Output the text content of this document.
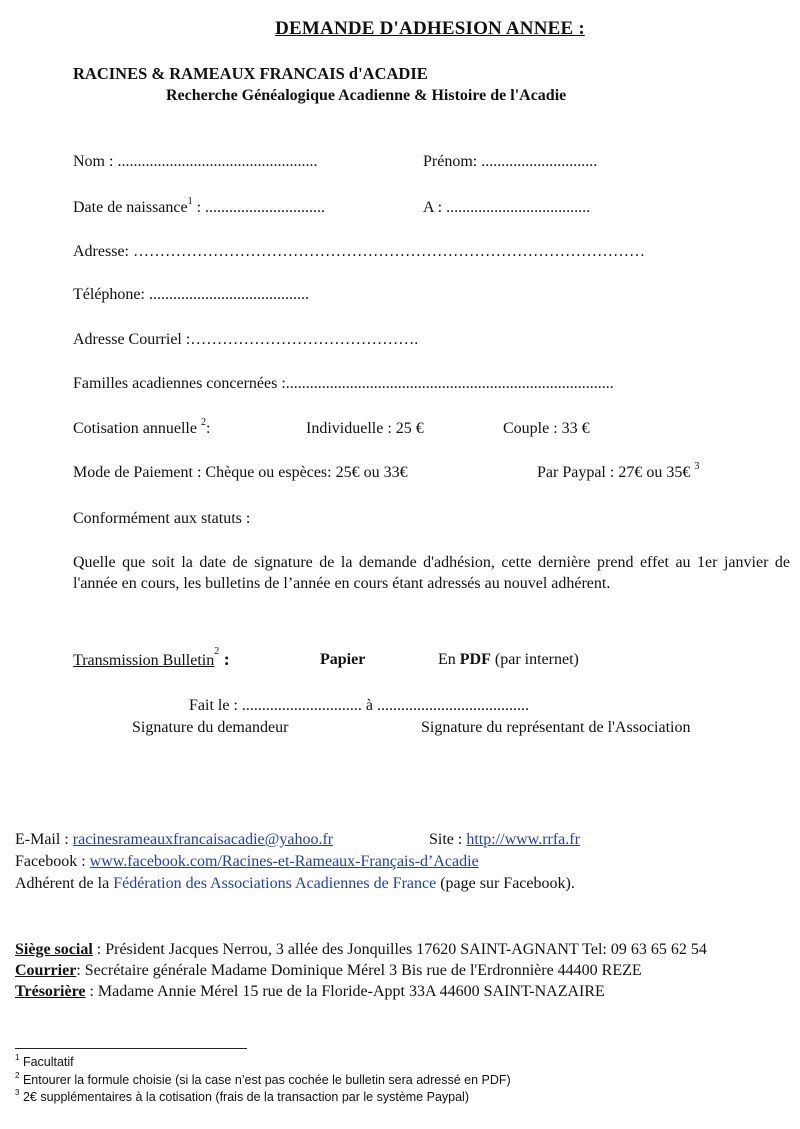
DEMANDE D'ADHESION ANNEE :
RACINES & RAMEAUX FRANCAIS d'ACADIE
Recherche Généalogique Acadienne & Histoire de l'Acadie
Nom : ..................................................	Prénom: .............................
Date de naissance$^1$ : ..............................	A : ....................................
Adresse: ……………………………………………………………………………………
Téléphone: ........................................
Adresse Courriel :…………………………………….
Familles acadiennes concernées :..................................................................................
Cotisation annuelle $^2$:	Individuelle : 25 €	Couple : 33 €
Mode de Paiement : Chèque ou espèces: 25€ ou 33€	Par Paypal : 27€ ou 35€ $^3$
Conformément aux statuts :
Quelle que soit la date de signature de la demande d'adhésion, cette dernière prend effet au 1er janvier de l'année en cours, les bulletins de l’année en cours étant adressés au nouvel adhérent.
Transmission Bulletin$^2$ :	Papier	En PDF (par internet)
Fait le : .............................. à ......................................
Signature du demandeur	Signature du représentant de l'Association
E-Mail : racinesrameauxfrancaisacadie@yahoo.fr	Site : http://www.rrfa.fr
Facebook : www.facebook.com/Racines-et-Rameaux-Français-d’Acadie
Adhérent de la Fédération des Associations Acadiennes de France (page sur Facebook).
Siège social : Président Jacques Nerrou, 3 allée des Jonquilles 17620 SAINT-AGNANT Tel: 09 63 65 62 54
Courrier: Secrétaire générale Madame Dominique Mérel 3 Bis rue de l'Erdronnière 44400 REZE
Trésorière : Madame Annie Mérel 15 rue de la Floride-Appt 33A 44600 SAINT-NAZAIRE
$^1$ Facultatif
$^2$ Entourer la formule choisie (si la case n’est pas cochée le bulletin sera adressé en PDF)
$^3$ 2€ supplémentaires à la cotisation (frais de la transaction par le système Paypal)
